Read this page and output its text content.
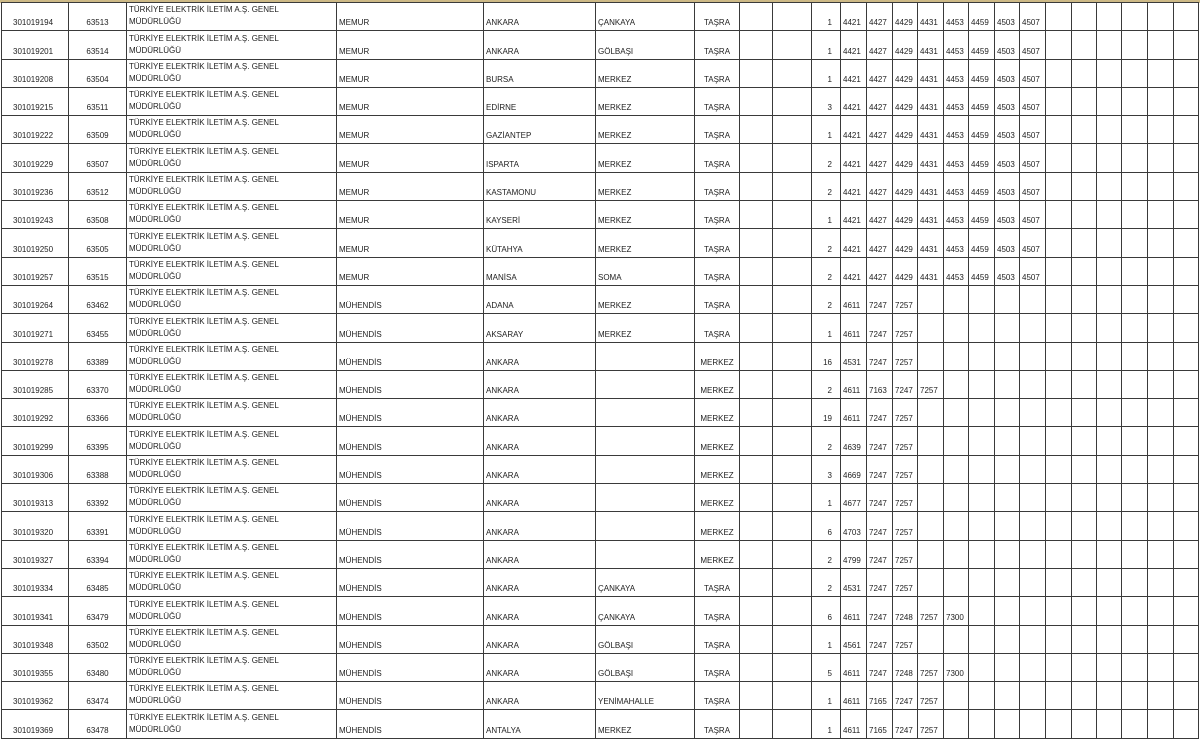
301019194	63513	TÜRKİYE ELEKTRİK İLETİM A.Ş. GENEL MÜDÜRLÜĞÜ	MEMUR	ANKARA	ÇANKAYA	TAŞRA			1	4421	4427	4429	4431	4453	4459	4503	4507						
301019201	63514	TÜRKİYE ELEKTRİK İLETİM A.Ş. GENEL MÜDÜRLÜĞÜ	MEMUR	ANKARA	GÖLBAŞI	TAŞRA			1	4421	4427	4429	4431	4453	4459	4503	4507						
301019208	63504	TÜRKİYE ELEKTRİK İLETİM A.Ş. GENEL MÜDÜRLÜĞÜ	MEMUR	BURSA	MERKEZ	TAŞRA			1	4421	4427	4429	4431	4453	4459	4503	4507						
301019215	63511	TÜRKİYE ELEKTRİK İLETİM A.Ş. GENEL MÜDÜRLÜĞÜ	MEMUR	EDİRNE	MERKEZ	TAŞRA			3	4421	4427	4429	4431	4453	4459	4503	4507						
301019222	63509	TÜRKİYE ELEKTRİK İLETİM A.Ş. GENEL MÜDÜRLÜĞÜ	MEMUR	GAZİANTEP	MERKEZ	TAŞRA			1	4421	4427	4429	4431	4453	4459	4503	4507						
301019229	63507	TÜRKİYE ELEKTRİK İLETİM A.Ş. GENEL MÜDÜRLÜĞÜ	MEMUR	ISPARTA	MERKEZ	TAŞRA			2	4421	4427	4429	4431	4453	4459	4503	4507						
301019236	63512	TÜRKİYE ELEKTRİK İLETİM A.Ş. GENEL MÜDÜRLÜĞÜ	MEMUR	KASTAMONU	MERKEZ	TAŞRA			2	4421	4427	4429	4431	4453	4459	4503	4507						
301019243	63508	TÜRKİYE ELEKTRİK İLETİM A.Ş. GENEL MÜDÜRLÜĞÜ	MEMUR	KAYSERİ	MERKEZ	TAŞRA			1	4421	4427	4429	4431	4453	4459	4503	4507						
301019250	63505	TÜRKİYE ELEKTRİK İLETİM A.Ş. GENEL MÜDÜRLÜĞÜ	MEMUR	KÜTAHYA	MERKEZ	TAŞRA			2	4421	4427	4429	4431	4453	4459	4503	4507						
301019257	63515	TÜRKİYE ELEKTRİK İLETİM A.Ş. GENEL MÜDÜRLÜĞÜ	MEMUR	MANİSA	SOMA	TAŞRA			2	4421	4427	4429	4431	4453	4459	4503	4507						
301019264	63462	TÜRKİYE ELEKTRİK İLETİM A.Ş. GENEL MÜDÜRLÜĞÜ	MÜHENDİS	ADANA	MERKEZ	TAŞRA			2	4611	7247	7257											
301019271	63455	TÜRKİYE ELEKTRİK İLETİM A.Ş. GENEL MÜDÜRLÜĞÜ	MÜHENDİS	AKSARAY	MERKEZ	TAŞRA			1	4611	7247	7257											
301019278	63389	TÜRKİYE ELEKTRİK İLETİM A.Ş. GENEL MÜDÜRLÜĞÜ	MÜHENDİS	ANKARA		MERKEZ			16	4531	7247	7257											
301019285	63370	TÜRKİYE ELEKTRİK İLETİM A.Ş. GENEL MÜDÜRLÜĞÜ	MÜHENDİS	ANKARA		MERKEZ			2	4611	7163	7247	7257										
301019292	63366	TÜRKİYE ELEKTRİK İLETİM A.Ş. GENEL MÜDÜRLÜĞÜ	MÜHENDİS	ANKARA		MERKEZ			19	4611	7247	7257											
301019299	63395	TÜRKİYE ELEKTRİK İLETİM A.Ş. GENEL MÜDÜRLÜĞÜ	MÜHENDİS	ANKARA		MERKEZ			2	4639	7247	7257											
301019306	63388	TÜRKİYE ELEKTRİK İLETİM A.Ş. GENEL MÜDÜRLÜĞÜ	MÜHENDİS	ANKARA		MERKEZ			3	4669	7247	7257											
301019313	63392	TÜRKİYE ELEKTRİK İLETİM A.Ş. GENEL MÜDÜRLÜĞÜ	MÜHENDİS	ANKARA		MERKEZ			1	4677	7247	7257											
301019320	63391	TÜRKİYE ELEKTRİK İLETİM A.Ş. GENEL MÜDÜRLÜĞÜ	MÜHENDİS	ANKARA		MERKEZ			6	4703	7247	7257											
301019327	63394	TÜRKİYE ELEKTRİK İLETİM A.Ş. GENEL MÜDÜRLÜĞÜ	MÜHENDİS	ANKARA		MERKEZ			2	4799	7247	7257											
301019334	63485	TÜRKİYE ELEKTRİK İLETİM A.Ş. GENEL MÜDÜRLÜĞÜ	MÜHENDİS	ANKARA	ÇANKAYA	TAŞRA			2	4531	7247	7257											
301019341	63479	TÜRKİYE ELEKTRİK İLETİM A.Ş. GENEL MÜDÜRLÜĞÜ	MÜHENDİS	ANKARA	ÇANKAYA	TAŞRA			6	4611	7247	7248	7257	7300									
301019348	63502	TÜRKİYE ELEKTRİK İLETİM A.Ş. GENEL MÜDÜRLÜĞÜ	MÜHENDİS	ANKARA	GÖLBAŞI	TAŞRA			1	4561	7247	7257											
301019355	63480	TÜRKİYE ELEKTRİK İLETİM A.Ş. GENEL MÜDÜRLÜĞÜ	MÜHENDİS	ANKARA	GÖLBAŞI	TAŞRA			5	4611	7247	7248	7257	7300									
301019362	63474	TÜRKİYE ELEKTRİK İLETİM A.Ş. GENEL MÜDÜRLÜĞÜ	MÜHENDİS	ANKARA	YENİMAHALLE	TAŞRA			1	4611	7165	7247	7257										
301019369	63478	TÜRKİYE ELEKTRİK İLETİM A.Ş. GENEL MÜDÜRLÜĞÜ	MÜHENDİS	ANTALYA	MERKEZ	TAŞRA			1	4611	7165	7247	7257										
